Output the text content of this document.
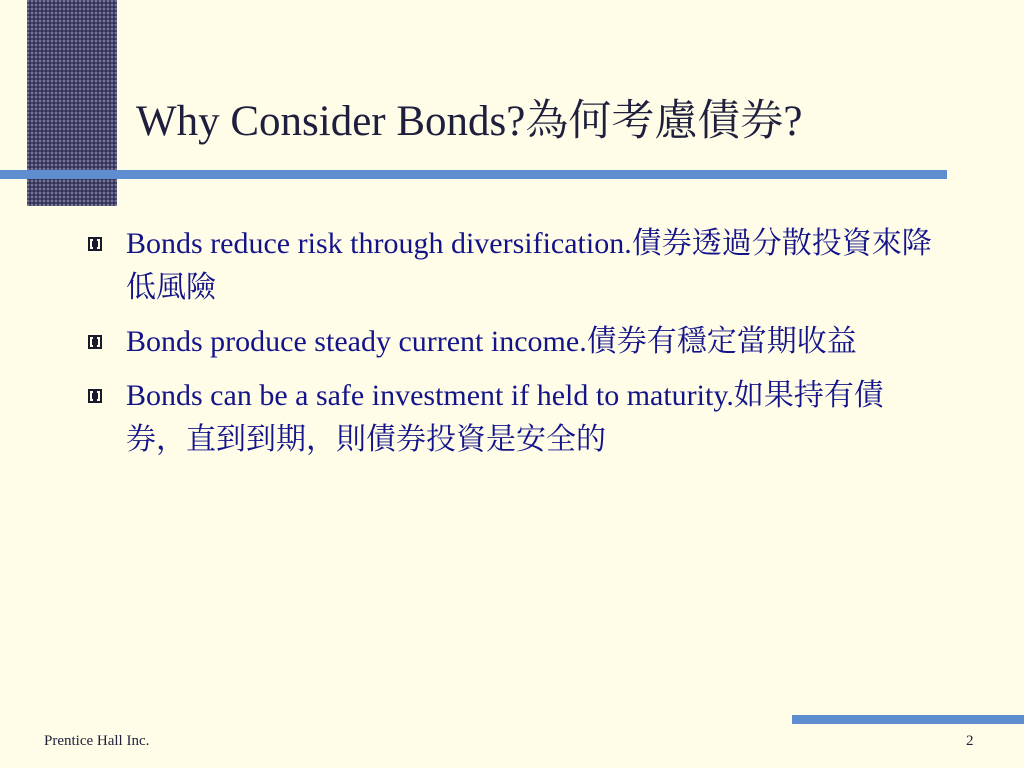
Why Consider Bonds?為何考慮債券?
Bonds reduce risk through diversification.債券透過分散投資來降低風險
Bonds produce steady current income.債券有穩定當期收益
Bonds can be a safe investment if held to maturity.如果持有債券，直到到期，則債券投資是安全的
Prentice Hall Inc.	2
